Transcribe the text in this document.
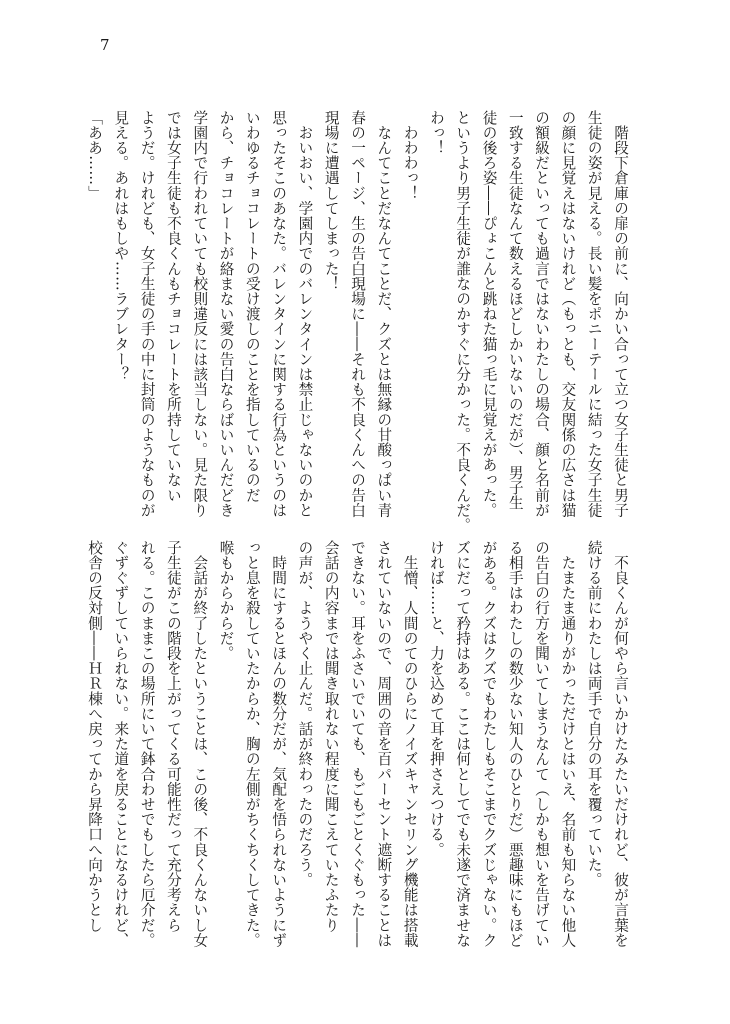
7
　階段下倉庫の扉の前に、向かい合って立つ女子生徒と男子
生徒の姿が見える。長い髪をポニーテールに結った女子生徒
の顔に見覚えはないけれど（もっとも、交友関係の広さは猫
の額級だといっても過言ではないわたしの場合、顔と名前が
一致する生徒なんて数えるほどしかいないのだが）、男子生
徒の後ろ姿――ぴょこんと跳ねた猫っ毛に見覚えがあった。
というより男子生徒が誰なのかすぐに分かった。不良くんだ。
わっ！
　わわわっ！
　なんてことだなんてことだ、クズとは無縁の甘酸っぱい青
春の一ページ、生の告白現場に――それも不良くんへの告白
現場に遭遇してしまった！
　おいおい、学園内でのバレンタインは禁止じゃないのかと
思ったそこのあなた。バレンタインに関する行為というのは
いわゆるチョコレートの受け渡しのことを指しているのだ
から、チョコレートが絡まない愛の告白ならばいいんだどき
学園内で行われていても校則違反には該当しない。見た限り
では女子生徒も不良くんもチョコレートを所持していない
ようだ。けれども、女子生徒の手の中に封筒のようなものが
見える。あれはもしや……ラブレター？
「ああ……」
　不良くんが何やら言いかけたみたいだけれど、彼が言葉を
続ける前にわたしは両手で自分の耳を覆っていた。
　たまたま通りがかっただけとはいえ、名前も知らない他人
の告白の行方を聞いてしまうなんて（しかも想いを告げてい
る相手はわたしの数少ない知人のひとりだ）悪趣味にもほど
がある。クズはクズでもわたしもそこまでクズじゃない。ク
ズにだって矜持はある。ここは何としてでも未遂で済ませな
ければ……と、力を込めて耳を押さえつける。
　生憎、人間のてのひらにノイズキャンセリング機能は搭載
されていないので、周囲の音を百パーセント遮断することは
できない。耳をふさいでいても、もごもごとくぐもった――
会話の内容までは聞き取れない程度に聞こえていたふたり
の声が、ようやく止んだ。話が終わったのだろう。
　時間にするとほんの数分だが、気配を悟られないようにず
っと息を殺していたからか、胸の左側がちくちくしてきた。
喉もからからだ。
　会話が終了したということは、この後、不良くんないし女
子生徒がこの階段を上がってくる可能性だって充分考えら
れる。このままこの場所にいて鉢合わせでもしたら厄介だ。
ぐずぐずしていられない。来た道を戻ることになるけれど、
校舎の反対側――ＨＲ棟へ戻ってから昇降口へ向かうとし
